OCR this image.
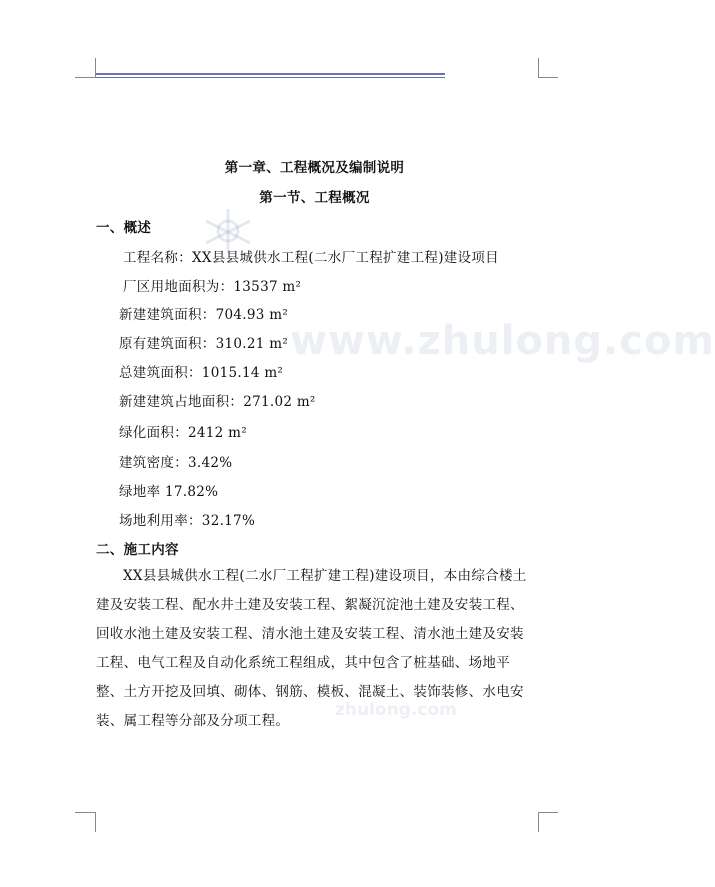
www.zhulong.com
zhulong.com
第一章、工程概况及编制说明
第一节、工程概况
一、概述
工程名称：XX县县城供水工程(二水厂工程扩建工程)建设项目
厂区用地面积为：13537 m²
新建建筑面积：704.93 m²
原有建筑面积：310.21 m²
总建筑面积：1015.14 m²
新建建筑占地面积：271.02 m²
绿化面积：2412 m²
建筑密度：3.42%
绿地率 17.82%
场地利用率：32.17%
二、施工内容
XX县县城供水工程(二水厂工程扩建工程)建设项目，本由综合楼土建及安装工程、配水井土建及安装工程、絮凝沉淀池土建及安装工程、回收水池土建及安装工程、清水池土建及安装工程、清水池土建及安装工程、电气工程及自动化系统工程组成，其中包含了桩基础、场地平整、土方开挖及回填、砌体、钢筋、模板、混凝土、装饰装修、水电安装、属工程等分部及分项工程。
